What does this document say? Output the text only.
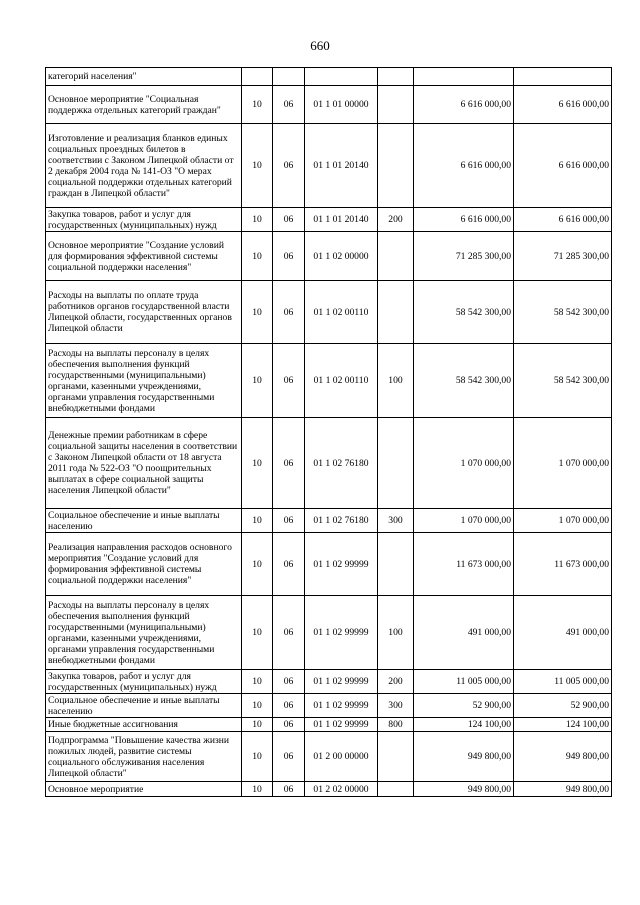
660
категорий населения"						
Основное мероприятие "Социальная поддержка отдельных категорий граждан"	10	06	01 1 01 00000		6 616 000,00	6 616 000,00
Изготовление и реализация бланков единых социальных проездных билетов в соответствии с Законом Липецкой области от 2 декабря 2004 года № 141-ОЗ "О мерах социальной поддержки отдельных категорий граждан в Липецкой области"	10	06	01 1 01 20140		6 616 000,00	6 616 000,00
Закупка товаров, работ и услуг для государственных (муниципальных) нужд	10	06	01 1 01 20140	200	6 616 000,00	6 616 000,00
Основное мероприятие "Создание условий для формирования эффективной системы социальной поддержки населения"	10	06	01 1 02 00000		71 285 300,00	71 285 300,00
Расходы на выплаты по оплате труда работников органов государственной власти Липецкой области, государственных органов Липецкой области	10	06	01 1 02 00110		58 542 300,00	58 542 300,00
Расходы на выплаты персоналу в целях обеспечения выполнения функций государственными (муниципальными) органами, казенными учреждениями, органами управления государственными внебюджетными фондами	10	06	01 1 02 00110	100	58 542 300,00	58 542 300,00
Денежные премии работникам в сфере социальной защиты населения в соответствии с Законом Липецкой области от 18 августа 2011 года № 522-ОЗ "О поощрительных выплатах в сфере социальной защиты населения Липецкой области"	10	06	01 1 02 76180		1 070 000,00	1 070 000,00
Социальное обеспечение и иные выплаты населению	10	06	01 1 02 76180	300	1 070 000,00	1 070 000,00
Реализация направления расходов основного мероприятия "Создание условий для формирования эффективной системы социальной поддержки населения"	10	06	01 1 02 99999		11 673 000,00	11 673 000,00
Расходы на выплаты персоналу в целях обеспечения выполнения функций государственными (муниципальными) органами, казенными учреждениями, органами управления государственными внебюджетными фондами	10	06	01 1 02 99999	100	491 000,00	491 000,00
Закупка товаров, работ и услуг для государственных (муниципальных) нужд	10	06	01 1 02 99999	200	11 005 000,00	11 005 000,00
Социальное обеспечение и иные выплаты населению	10	06	01 1 02 99999	300	52 900,00	52 900,00
Иные бюджетные ассигнования	10	06	01 1 02 99999	800	124 100,00	124 100,00
Подпрограмма "Повышение качества жизни пожилых людей, развитие системы социального обслуживания населения Липецкой области"	10	06	01 2 00 00000		949 800,00	949 800,00
Основное мероприятие	10	06	01 2 02 00000		949 800,00	949 800,00
